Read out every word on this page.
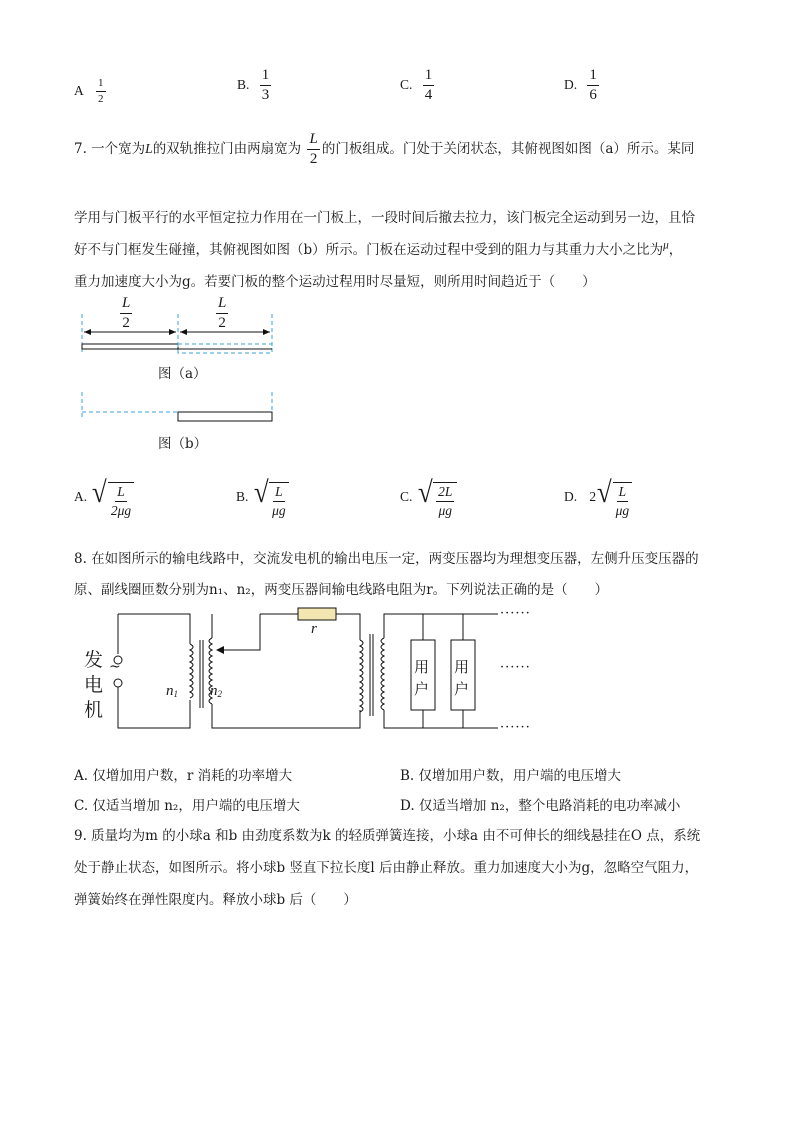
A $\frac{1}{2}$	B. $\frac{1}{3}$	C. $\frac{1}{4}$	D. $\frac{1}{6}$
7. 一个宽为L的双轨推拉门由两扇宽为 $\frac{L}{2}$ 的门板组成。门处于关闭状态，其俯视图如图（a）所示。某同
学用与门板平行的水平恒定拉力作用在一门板上，一段时间后撤去拉力，该门板完全运动到另一边，且恰
好不与门框发生碰撞，其俯视图如图（b）所示。门板在运动过程中受到的阻力与其重力大小之比为$^\mu$，
重力加速度大小为g。若要门板的整个运动过程用时尽量短，则所用时间趋近于（　　）
$\frac{L}{2}$	$\frac{L}{2}$
图（a）
图（b）
A. √ $\frac{L}{2\mu g}$	B. √ $\frac{L}{\mu g}$	C. √ $\frac{2L}{\mu g}$	D. 2 √ $\frac{L}{\mu g}$
8. 在如图所示的输电线路中，交流发电机的输出电压一定，两变压器均为理想变压器，左侧升压变压器的
原、副线圈匝数分别为n₁、n₂，两变压器间输电线路电阻为r。下列说法正确的是（　　）
r
发
电
机
~
$n_1$ $n_2$
用
户
用
户
······
······
······
A. 仅增加用户数，r 消耗的功率增大	B. 仅增加用户数，用户端的电压增大
C. 仅适当增加 n₂，用户端的电压增大	D. 仅适当增加 n₂，整个电路消耗的电功率减小
9. 质量均为m 的小球a 和b 由劲度系数为k 的轻质弹簧连接，小球a 由不可伸长的细线悬挂在O 点，系统
处于静止状态，如图所示。将小球b 竖直下拉长度l 后由静止释放。重力加速度大小为g，忽略空气阻力，
弹簧始终在弹性限度内。释放小球b 后（　　）
